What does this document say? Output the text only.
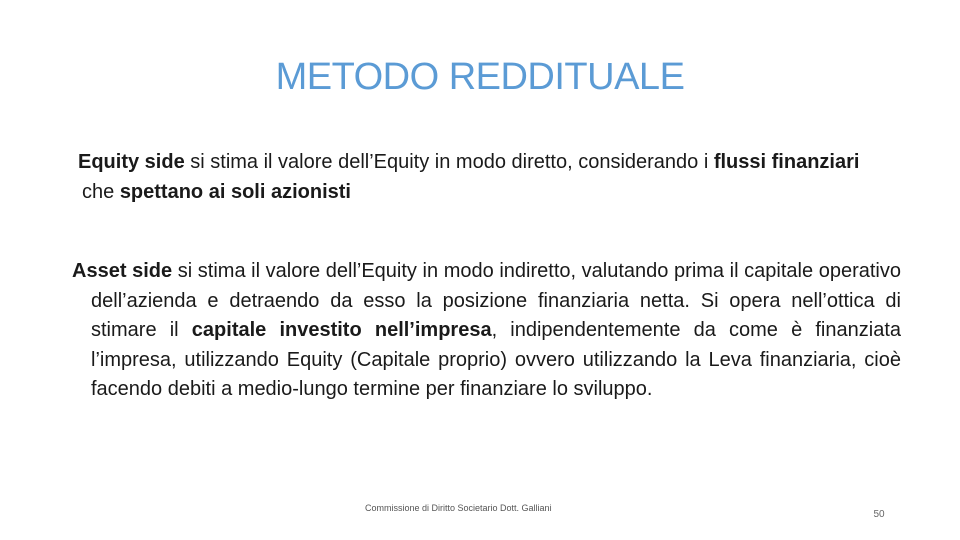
METODO REDDITUALE
Equity side si stima il valore dell’Equity in modo diretto, considerando i flussi finanziari che spettano ai soli azionisti
Asset side si stima il valore dell’Equity in modo indiretto, valutando prima il capitale operativo dell’azienda e detraendo da esso la posizione finanziaria netta. Si opera nell’ottica di stimare il capitale investito nell’impresa, indipendentemente da come è finanziata l’impresa, utilizzando Equity (Capitale proprio) ovvero utilizzando la Leva finanziaria, cioè facendo debiti a medio-lungo termine per finanziare lo sviluppo.
Commissione di Diritto Societario Dott. Galliani
50
